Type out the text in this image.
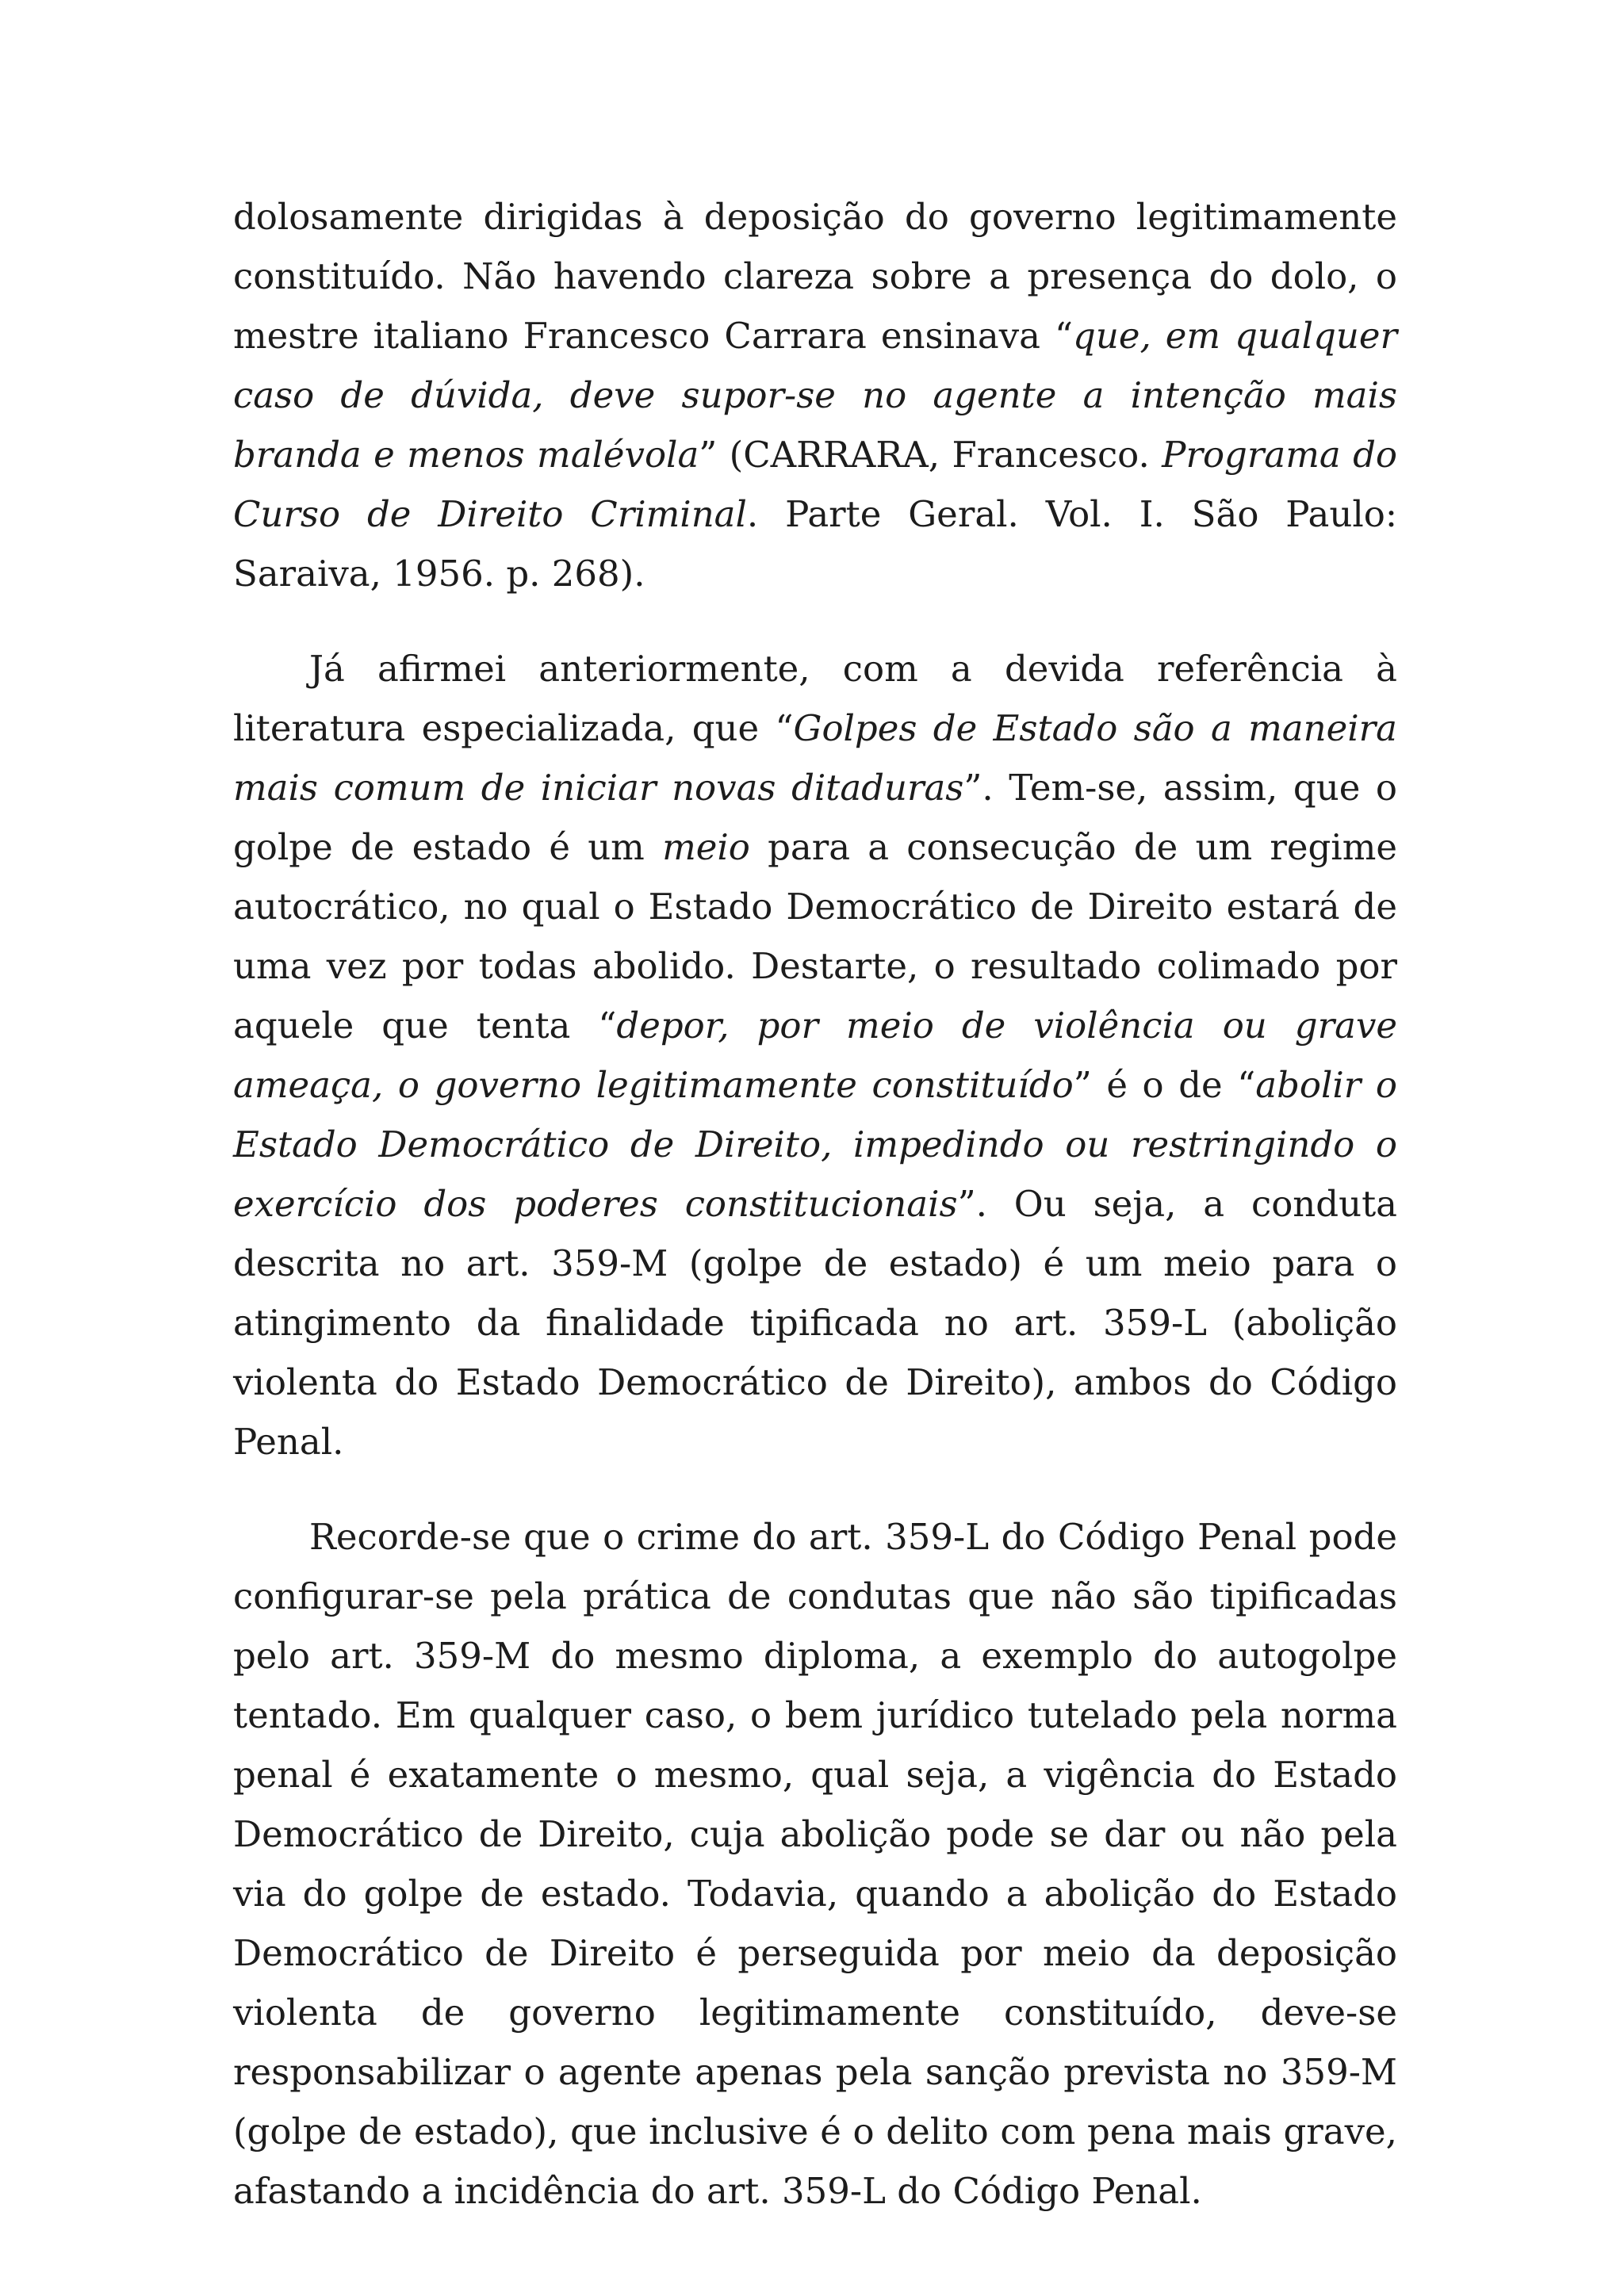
dolosamente dirigidas à deposição do governo legitimamente constituído. Não havendo clareza sobre a presença do dolo, o mestre italiano Francesco Carrara ensinava “que, em qualquer caso de dúvida, deve supor-se no agente a intenção mais branda e menos malévola” (CARRARA, Francesco. Programa do Curso de Direito Criminal. Parte Geral. Vol. I. São Paulo: Saraiva, 1956. p. 268).

Já afirmei anteriormente, com a devida referência à literatura especializada, que “Golpes de Estado são a maneira mais comum de iniciar novas ditaduras”. Tem-se, assim, que o golpe de estado é um meio para a consecução de um regime autocrático, no qual o Estado Democrático de Direito estará de uma vez por todas abolido. Destarte, o resultado colimado por aquele que tenta “depor, por meio de violência ou grave ameaça, o governo legitimamente constituído” é o de “abolir o Estado Democrático de Direito, impedindo ou restringindo o exercício dos poderes constitucionais”. Ou seja, a conduta descrita no art. 359-M (golpe de estado) é um meio para o atingimento da finalidade tipificada no art. 359-L (abolição violenta do Estado Democrático de Direito), ambos do Código Penal.

Recorde-se que o crime do art. 359-L do Código Penal pode configurar-se pela prática de condutas que não são tipificadas pelo art. 359-M do mesmo diploma, a exemplo do autogolpe tentado. Em qualquer caso, o bem jurídico tutelado pela norma penal é exatamente o mesmo, qual seja, a vigência do Estado Democrático de Direito, cuja abolição pode se dar ou não pela via do golpe de estado. Todavia, quando a abolição do Estado Democrático de Direito é perseguida por meio da deposição violenta de governo legitimamente constituído, deve-se responsabilizar o agente apenas pela sanção prevista no 359-M (golpe de estado), que inclusive é o delito com pena mais grave, afastando a incidência do art. 359-L do Código Penal.
